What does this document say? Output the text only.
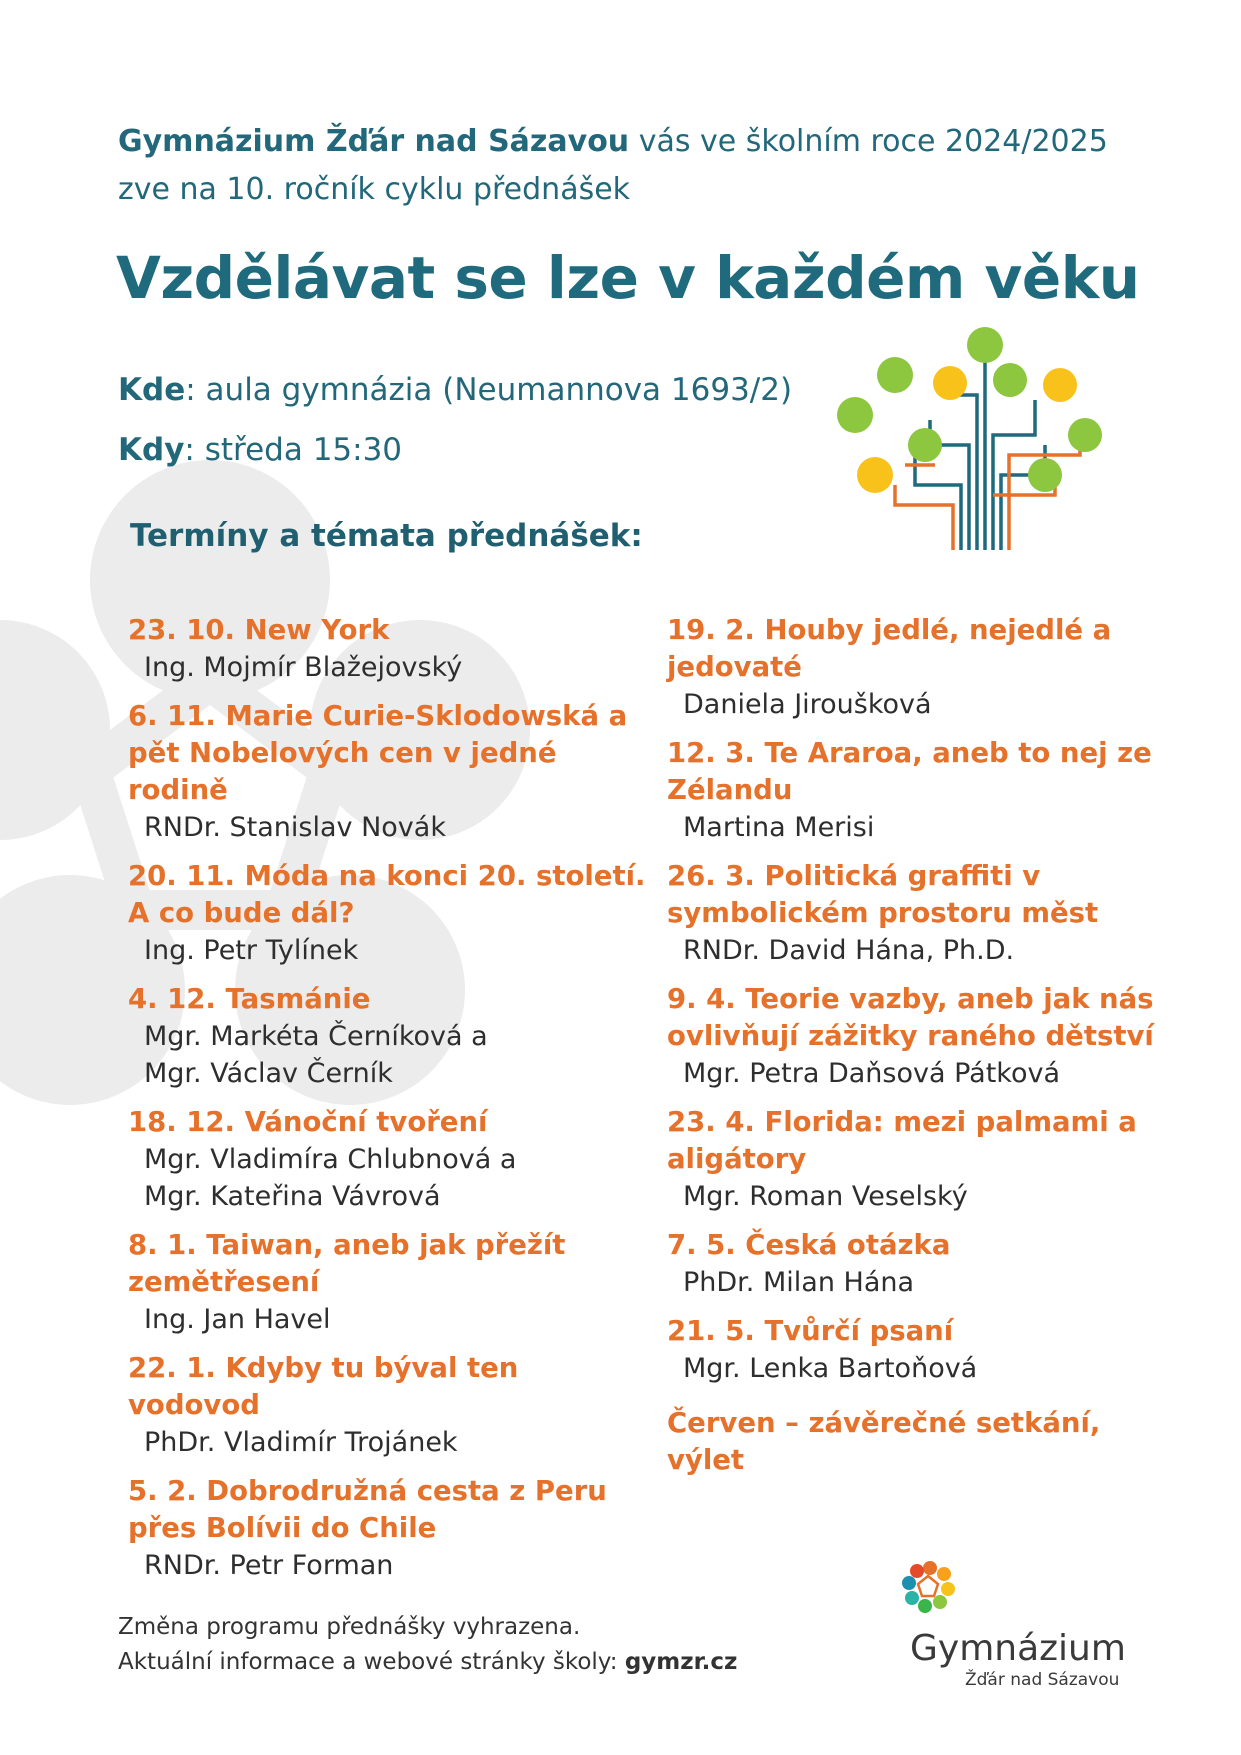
Gymnázium Žďár nad Sázavou vás ve školním roce 2024/2025
zve na 10. ročník cyklu přednášek
Vzdělávat se lze v každém věku
Kde: aula gymnázia (Neumannova 1693/2)
Kdy: středa 15:30
Termíny a témata přednášek:
23. 10. New York
Ing. Mojmír Blažejovský
6. 11. Marie Curie-Sklodowská a pět Nobelových cen v jedné rodině
RNDr. Stanislav Novák
20. 11. Móda na konci 20. století. A co bude dál?
Ing. Petr Tylínek
4. 12. Tasmánie
Mgr. Markéta Černíková a
Mgr. Václav Černík
18. 12. Vánoční tvoření
Mgr. Vladimíra Chlubnová a
Mgr. Kateřina Vávrová
8. 1. Taiwan, aneb jak přežít zemětřesení
Ing. Jan Havel
22. 1. Kdyby tu býval ten vodovod
PhDr. Vladimír Trojánek
5. 2. Dobrodružná cesta z Peru přes Bolívii do Chile
RNDr. Petr Forman
19. 2. Houby jedlé, nejedlé a jedovaté
Daniela Jiroušková
12. 3. Te Araroa, aneb to nej ze Zélandu
Martina Merisi
26. 3. Politická graffiti v symbolickém prostoru měst
RNDr. David Hána, Ph.D.
9. 4. Teorie vazby, aneb jak nás ovlivňují zážitky raného dětství
Mgr. Petra Daňsová Pátková
23. 4. Florida: mezi palmami a aligátory
Mgr. Roman Veselský
7. 5. Česká otázka
PhDr. Milan Hána
21. 5. Tvůrčí psaní
Mgr. Lenka Bartoňová
Červen – závěrečné setkání, výlet
Změna programu přednášky vyhrazena.
Aktuální informace a webové stránky školy: gymzr.cz	Gymnázium
Žďár nad Sázavou
